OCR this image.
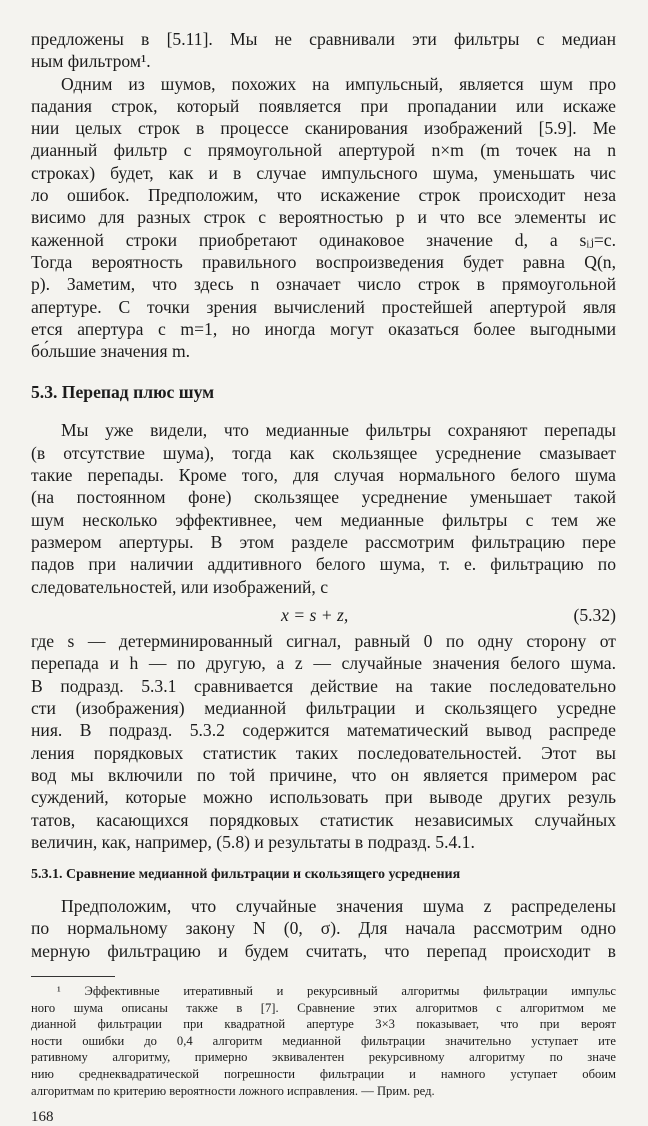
предложены в [5.11]. Мы не сравнивали эти фильтры с медиан
ным фильтром¹.
Одним из шумов, похожих на импульсный, является шум про
падания строк, который появляется при пропадании или искаже
нии целых строк в процессе сканирования изображений [5.9]. Ме
дианный фильтр с прямоугольной апертурой n×m (m точек на n
строках) будет, как и в случае импульсного шума, уменьшать чис
ло ошибок. Предположим, что искажение строк происходит неза
висимо для разных строк с вероятностью p и что все элементы ис
каженной строки приобретают одинаковое значение d, а sᵢⱼ=c.
Тогда вероятность правильного воспроизведения будет равна Q(n,
p). Заметим, что здесь n означает число строк в прямоугольной
апертуре. С точки зрения вычислений простейшей апертурой явля
ется апертура с m=1, но иногда могут оказаться более выгодными
бо́льшие значения m.
5.3. Перепад плюс шум
Мы уже видели, что медианные фильтры сохраняют перепады
(в отсутствие шума), тогда как скользящее усреднение смазывает
такие перепады. Кроме того, для случая нормального белого шума
(на постоянном фоне) скользящее усреднение уменьшает такой
шум несколько эффективнее, чем медианные фильтры с тем же
размером апертуры. В этом разделе рассмотрим фильтрацию пере
падов при наличии аддитивного белого шума, т. е. фильтрацию по
следовательностей, или изображений, с
x = s + z,	(5.32)
где s — детерминированный сигнал, равный 0 по одну сторону от
перепада и h — по другую, а z — случайные значения белого шума.
В подразд. 5.3.1 сравнивается действие на такие последовательно
сти (изображения) медианной фильтрации и скользящего усредне
ния. В подразд. 5.3.2 содержится математический вывод распреде
ления порядковых статистик таких последовательностей. Этот вы
вод мы включили по той причине, что он является примером рас
суждений, которые можно использовать при выводе других резуль
татов, касающихся порядковых статистик независимых случайных
величин, как, например, (5.8) и результаты в подразд. 5.4.1.
5.3.1. Сравнение медианной фильтрации и скользящего усреднения
Предположим, что случайные значения шума z распределены
по нормальному закону N (0, σ). Для начала рассмотрим одно
мерную фильтрацию и будем считать, что перепад происходит в
¹ Эффективные итеративный и рекурсивный алгоритмы фильтрации импульс
ного шума описаны также в [7]. Сравнение этих алгоритмов с алгоритмом ме
дианной фильтрации при квадратной апертуре 3×3 показывает, что при вероят
ности ошибки до 0,4 алгоритм медианной фильтрации значительно уступает ите
ративному алгоритму, примерно эквивалентен рекурсивному алгоритму по значе
нию среднеквадратической погрешности фильтрации и намного уступает обоим
алгоритмам по критерию вероятности ложного исправления. — Прим. ред.
168
